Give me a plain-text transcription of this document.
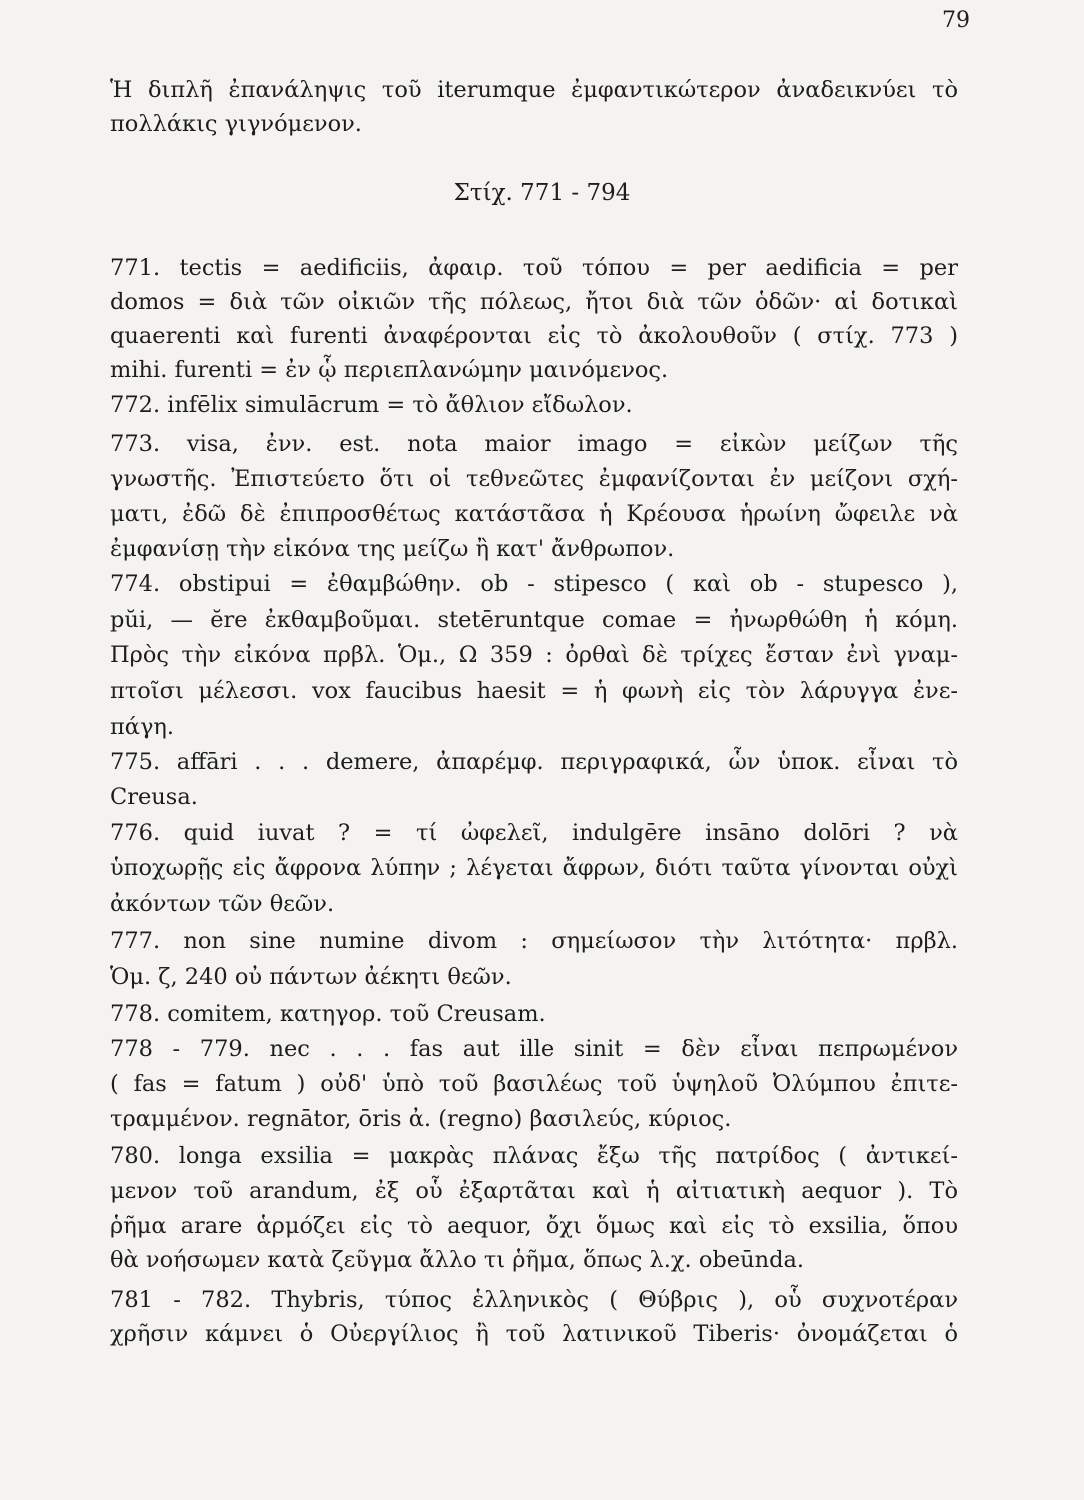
79
Ἡ διπλῆ ἐπανάληψις τοῦ iterumque ἐμφαντικώτερον ἀναδεικνύει τὸ
πολλάκις γιγνόμενον.
Στίχ. 771 - 794
771. tectis = aedificiis, ἀφαιρ. τοῦ τόπου = per aedificia = per
domos = διὰ τῶν οἰκιῶν τῆς πόλεως, ἤτοι διὰ τῶν ὁδῶν· αἱ δοτικαὶ
quaerenti καὶ furenti ἀναφέρονται εἰς τὸ ἀκολουθοῦν ( στίχ. 773 )
mihi. furenti = ἐν ᾧ περιεπλανώμην μαινόμενος.
772. infēlix simulācrum = τὸ ἄθλιον εἴδωλον.
773. visa, ἐνν. est. nota maior imago = εἰκὼν μείζων τῆς
γνωστῆς. Ἐπιστεύετο ὅτι οἱ τεθνεῶτες ἐμφανίζονται ἐν μείζονι σχή-
ματι, ἐδῶ δὲ ἐπιπροσθέτως κατάστᾶσα ἡ Κρέουσα ἡρωίνη ὤφειλε νὰ
ἐμφανίσῃ τὴν εἰκόνα της μείζω ἢ κατ' ἄνθρωπον.
774. obstipui = ἐθαμβώθην. ob - stipesco ( καὶ ob - stupesco ),
pŭi, — ĕre ἐκθαμβοῦμαι. stetēruntque comae = ἠνωρθώθη ἡ κόμη.
Πρὸς τὴν εἰκόνα πρβλ. Ὁμ., Ω 359 : ὀρθαὶ δὲ τρίχες ἔσταν ἐνὶ γναμ-
πτοῖσι μέλεσσι. vox faucibus haesit = ἡ φωνὴ εἰς τὸν λάρυγγα ἐνε-
πάγη.
775. affāri . . . demere, ἀπαρέμφ. περιγραφικά, ὧν ὑποκ. εἶναι τὸ
Creusa.
776. quid iuvat ? = τί ὠφελεῖ, indulgēre insāno dolōri ? νὰ
ὑποχωρῇς εἰς ἄφρονα λύπην ; λέγεται ἄφρων, διότι ταῦτα γίνονται οὐχὶ
ἀκόντων τῶν θεῶν.
777. non sine numine divom : σημείωσον τὴν λιτότητα· πρβλ.
Ὁμ. ζ, 240 οὐ πάντων ἀέκητι θεῶν.
778. comitem, κατηγορ. τοῦ Creusam.
778 - 779. nec . . . fas aut ille sinit = δὲν εἶναι πεπρωμένον
( fas = fatum ) οὐδ' ὑπὸ τοῦ βασιλέως τοῦ ὑψηλοῦ Ὀλύμπου ἐπιτε-
τραμμένον. regnātor, ōris ἀ. (regno) βασιλεύς, κύριος.
780. longa exsilia = μακρὰς πλάνας ἔξω τῆς πατρίδος ( ἀντικεί-
μενον τοῦ arandum, ἐξ οὗ ἐξαρτᾶται καὶ ἡ αἰτιατικὴ aequor ). Τὸ
ῥῆμα arare ἁρμόζει εἰς τὸ aequor, ὄχι ὅμως καὶ εἰς τὸ exsilia, ὅπου
θὰ νοήσωμεν κατὰ ζεῦγμα ἄλλο τι ῥῆμα, ὅπως λ.χ. obeūnda.
781 - 782. Thybris, τύπος ἑλληνικὸς ( Θύβρις ), οὗ συχνοτέραν
χρῆσιν κάμνει ὁ Οὐεργίλιος ἢ τοῦ λατινικοῦ Tiberis· ὀνομάζεται ὁ
